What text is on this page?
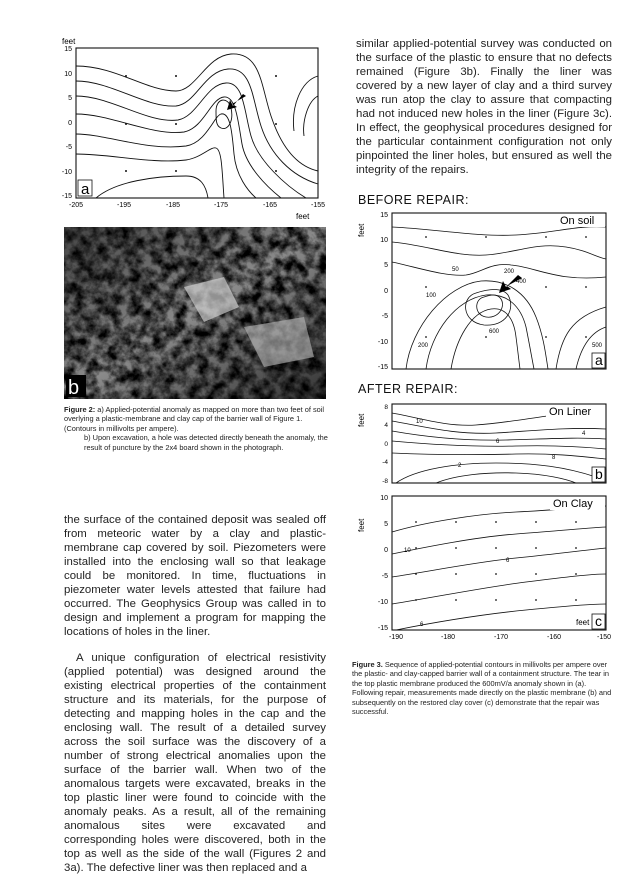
feet
15
10
5
0
-5
-10
-15 a
-205	-195	-185	-175	-165	-155
feet
b
Figure 2: a) Applied-potential anomaly as mapped on more than two feet of soil overlying a plastic-membrane and clay cap of the barrier wall of Figure 1. (Contours in millivolts per ampere).
b) Upon excavation, a hole was detected directly beneath the anomaly, the result of puncture by the 2x4 board shown in the photograph.

the surface of the contained deposit was sealed off from meteoric water by a clay and plastic-membrane cap covered by soil. Piezometers were installed into the enclosing wall so that leakage could be monitored. In time, fluctuations in piezometer water levels attested that failure had occurred. The Geophysics Group was called in to design and implement a program for mapping the locations of holes in the liner.

A unique configuration of electrical resistivity (applied potential) was designed around the existing electrical properties of the containment structure and its materials, for the purpose of detecting and mapping holes in the cap and the enclosing wall. The result of a detailed survey across the soil surface was the discovery of a number of strong electrical anomalies upon the surface of the barrier wall. When two of the anomalous targets were excavated, breaks in the top plastic liner were found to coincide with the anomaly peaks. As a result, all of the remaining anomalous sites were excavated and corresponding holes were discovered, both in the top as well as the side of the wall (Figures 2 and 3a). The defective liner was then replaced and a

similar applied-potential survey was conducted on the surface of the plastic to ensure that no defects remained (Figure 3b). Finally the liner was covered by a new layer of clay and a third survey was run atop the clay to assure that compacting had not induced new holes in the liner (Figure 3c). In effect, the geophysical procedures designed for the particular containment configuration not only pinpointed the liner holes, but ensured as well the integrity of the repairs.

BEFORE REPAIR:
feet
15
10
5
0
-5
-10
-15
50
100
200
400
200
600
500
On soil
a
AFTER REPAIR:
feet
8
4
0
-4
-8
10
6
2
4
8
On Liner
b
feet
10
5
0
-5
-10
-15
10
6
6
On Clay
c
-190	-180	-170	-160	-150
feet
Figure 3. Sequence of applied-potential contours in millivolts per ampere over the plastic- and clay-capped barrier wall of a containment structure. The tear in the top plastic membrane produced the 600mV/a anomaly shown in (a). Following repair, measurements made directly on the plastic membrane (b) and subsequently on the restored clay cover (c) demonstrate that the repair was successful.
